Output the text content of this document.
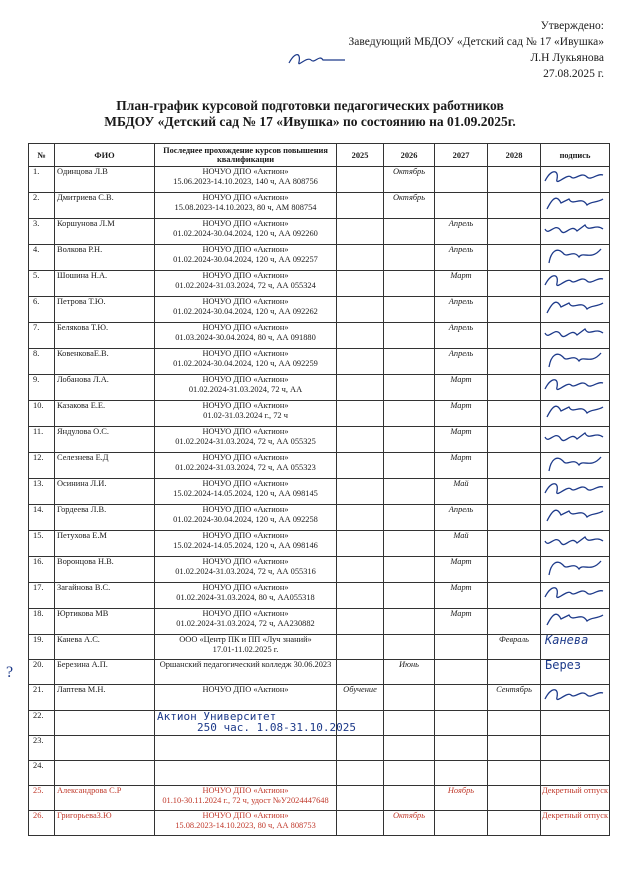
Утверждено:
Заведующий МБДОУ «Детский сад № 17 «Ивушка»
Л.Н Лукьянова
27.08.2025 г.
План-график курсовой подготовки педагогических работников
МБДОУ «Детский сад № 17 «Ивушка» по состоянию на 01.09.2025г.
№	ФИО	Последнее прохождение курсов повышения квалификации	2025	2026	2027	2028	подпись
1.	Одинцова Л.В	НОЧУО ДПО «Актион»
15.06.2023-14.10.2023, 140 ч, АА 808756		Октябрь			
2.	Дмитриева С.В.	НОЧУО ДПО «Актион»
15.08.2023-14.10.2023, 80 ч, АМ 808754		Октябрь			
3.	Коршунова Л.М	НОЧУО ДПО «Актион»
01.02.2024-30.04.2024, 120 ч, АА 092260			Апрель		
4.	Волкова Р.Н.	НОЧУО ДПО «Актион»
01.02.2024-30.04.2024, 120 ч, АА 092257			Апрель		
5.	Шошина Н.А.	НОЧУО ДПО «Актион»
01.02.2024-31.03.2024, 72 ч, АА 055324			Март		
6.	Петрова Т.Ю.	НОЧУО ДПО «Актион»
01.02.2024-30.04.2024, 120 ч, АА 092262			Апрель		
7.	Белякова Т.Ю.	НОЧУО ДПО «Актион»
01.03.2024-30.04.2024, 80 ч, АА 091880			Апрель		
8.	КовенковаЕ.В.	НОЧУО ДПО «Актион»
01.02.2024-30.04.2024, 120 ч, АА 092259			Апрель		
9.	Лобанова Л.А.	НОЧУО ДПО «Актион»
01.02.2024-31.03.2024, 72 ч, АА			Март		
10.	Казакова Е.Е.	НОЧУО ДПО «Актион»
01.02-31.03.2024 г., 72 ч			Март		
11.	Яндулова О.С.	НОЧУО ДПО «Актион»
01.02.2024-31.03.2024, 72 ч, АА 055325			Март		
12.	Селезнева Е.Д	НОЧУО ДПО «Актион»
01.02.2024-31.03.2024, 72 ч, АА 055323			Март		
13.	Осинина Л.И.	НОЧУО ДПО «Актион»
15.02.2024-14.05.2024, 120 ч, АА 098145			Май		
14.	Гордеева Л.В.	НОЧУО ДПО «Актион»
01.02.2024-30.04.2024, 120 ч, АА 092258			Апрель		
15.	Петухова Е.М	НОЧУО ДПО «Актион»
15.02.2024-14.05.2024, 120 ч, АА 098146			Май		
16.	Воронцова Н.В.	НОЧУО ДПО «Актион»
01.02.2024-31.03.2024, 72 ч, АА 055316			Март		
17.	Загайнова В.С.	НОЧУО ДПО «Актион»
01.02.2024-31.03.2024, 80 ч, АА055318			Март		
18.	Юртикова МВ	НОЧУО ДПО «Актион»
01.02.2024-31.03.2024, 72 ч, АА230882			Март		
19.	Канева А.С.	ООО «Центр ПК и ПП «Луч знаний»
17.01-11.02.2025 г.				Февраль	Канева
20.	Березина А.П.	Оршанский педагогический колледж 30.06.2023		Июнь			Берез
21.	Лаптева М.Н.	НОЧУО ДПО «Актион»	Обучение			Сентябрь	
22.		Актион Университет
250 час. 1.08-31.10.2025					

23.		

24.		

25.	Александрова С.Р	НОЧУО ДПО «Актион»
01.10-30.11.2024 г., 72 ч, удост №У2024447648			Ноябрь		Декретный отпуск
26.	ГригорьеваЗ.Ю	НОЧУО ДПО «Актион»
15.08.2023-14.10.2023, 80 ч, АА 808753		Октябрь			Декретный отпуск
?
